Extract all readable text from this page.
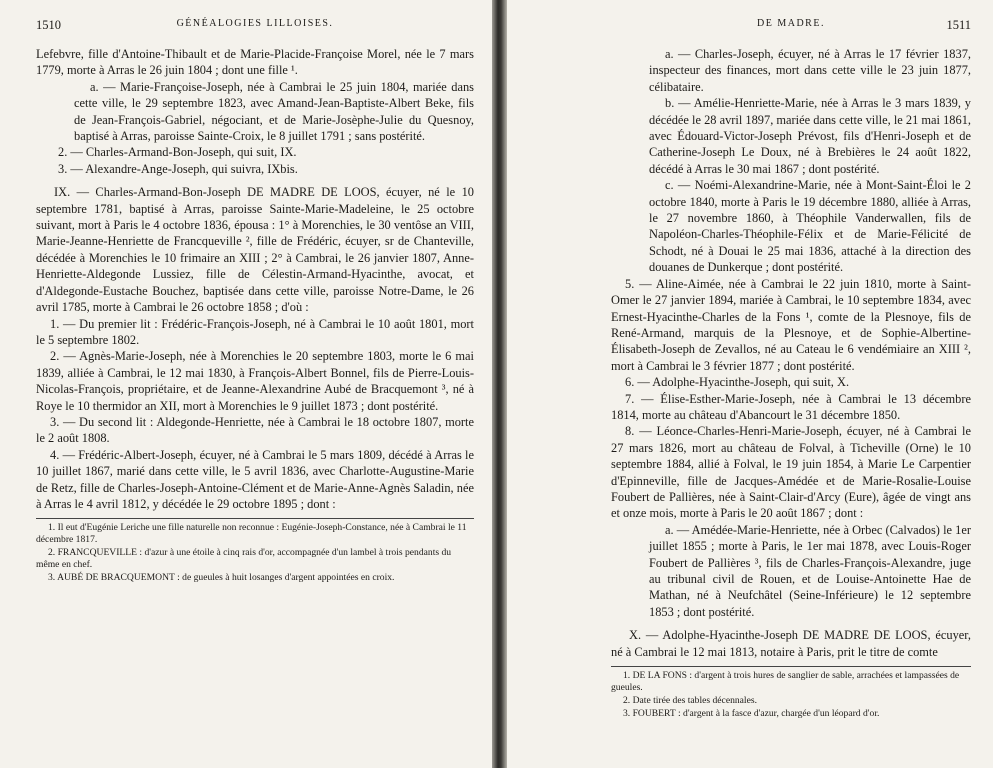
1510	GÉNÉALOGIES LILLOISES.

Lefebvre, fille d'Antoine-Thibault et de Marie-Placide-Françoise Morel, née le 7 mars 1779, morte à Arras le 26 juin 1804 ; dont une fille ¹.

a. — Marie-Françoise-Joseph, née à Cambrai le 25 juin 1804, mariée dans cette ville, le 29 septembre 1823, avec Amand-Jean-Baptiste-Albert Beke, fils de Jean-François-Gabriel, négociant, et de Marie-Josèphe-Julie du Quesnoy, baptisé à Arras, paroisse Sainte-Croix, le 8 juillet 1791 ; sans postérité.

2. — Charles-Armand-Bon-Joseph, qui suit, IX.

3. — Alexandre-Ange-Joseph, qui suivra, IXbis.

IX. — Charles-Armand-Bon-Joseph DE MADRE DE LOOS, écuyer, né le 10 septembre 1781, baptisé à Arras, paroisse Sainte-Marie-Madeleine, le 25 octobre suivant, mort à Paris le 4 octobre 1836, épousa : 1° à Morenchies, le 30 ventôse an VIII, Marie-Jeanne-Henriette de Francqueville ², fille de Frédéric, écuyer, sr de Chanteville, décédée à Morenchies le 10 frimaire an XIII ; 2° à Cambrai, le 26 janvier 1807, Anne-Henriette-Aldegonde Lussiez, fille de Célestin-Armand-Hyacinthe, avocat, et d'Aldegonde-Eustache Bouchez, baptisée dans cette ville, paroisse Notre-Dame, le 26 avril 1785, morte à Cambrai le 26 octobre 1858 ; d'où :

1. — Du premier lit : Frédéric-François-Joseph, né à Cambrai le 10 août 1801, mort le 5 septembre 1802.

2. — Agnès-Marie-Joseph, née à Morenchies le 20 septembre 1803, morte le 6 mai 1839, alliée à Cambrai, le 12 mai 1830, à François-Albert Bonnel, fils de Pierre-Louis-Nicolas-François, propriétaire, et de Jeanne-Alexandrine Aubé de Bracquemont ³, né à Roye le 10 thermidor an XII, mort à Morenchies le 9 juillet 1873 ; dont postérité.

3. — Du second lit : Aldegonde-Henriette, née à Cambrai le 18 octobre 1807, morte le 2 août 1808.

4. — Frédéric-Albert-Joseph, écuyer, né à Cambrai le 5 mars 1809, décédé à Arras le 10 juillet 1867, marié dans cette ville, le 5 avril 1836, avec Charlotte-Augustine-Marie de Retz, fille de Charles-Joseph-Antoine-Clément et de Marie-Anne-Agnès Saladin, née à Arras le 4 avril 1812, y décédée le 29 octobre 1895 ; dont :

1. Il eut d'Eugénie Leriche une fille naturelle non reconnue : Eugénie-Joseph-Constance, née à Cambrai le 11 décembre 1817.

2. FRANCQUEVILLE : d'azur à une étoile à cinq rais d'or, accompagnée d'un lambel à trois pendants du même en chef.

3. AUBÉ DE BRACQUEMONT : de gueules à huit losanges d'argent appointées en croix.

DE MADRE.	1511

a. — Charles-Joseph, écuyer, né à Arras le 17 février 1837, inspecteur des finances, mort dans cette ville le 23 juin 1877, célibataire.

b. — Amélie-Henriette-Marie, née à Arras le 3 mars 1839, y décédée le 28 avril 1897, mariée dans cette ville, le 21 mai 1861, avec Édouard-Victor-Joseph Prévost, fils d'Henri-Joseph et de Catherine-Joseph Le Doux, né à Brebières le 24 août 1822, décédé à Arras le 30 mai 1867 ; dont postérité.

c. — Noémi-Alexandrine-Marie, née à Mont-Saint-Éloi le 2 octobre 1840, morte à Paris le 19 décembre 1880, alliée à Arras, le 27 novembre 1860, à Théophile Vanderwallen, fils de Napoléon-Charles-Théophile-Félix et de Marie-Félicité de Schodt, né à Douai le 25 mai 1836, attaché à la direction des douanes de Dunkerque ; dont postérité.

5. — Aline-Aimée, née à Cambrai le 22 juin 1810, morte à Saint-Omer le 27 janvier 1894, mariée à Cambrai, le 10 septembre 1834, avec Ernest-Hyacinthe-Charles de la Fons ¹, comte de la Plesnoye, fils de René-Armand, marquis de la Plesnoye, et de Sophie-Albertine-Élisabeth-Joseph de Zevallos, né au Cateau le 6 vendémiaire an XIII ², mort à Cambrai le 3 février 1877 ; dont postérité.

6. — Adolphe-Hyacinthe-Joseph, qui suit, X.

7. — Élise-Esther-Marie-Joseph, née à Cambrai le 13 décembre 1814, morte au château d'Abancourt le 31 décembre 1850.

8. — Léonce-Charles-Henri-Marie-Joseph, écuyer, né à Cambrai le 27 mars 1826, mort au château de Folval, à Ticheville (Orne) le 10 septembre 1884, allié à Folval, le 19 juin 1854, à Marie Le Carpentier d'Epinneville, fille de Jacques-Amédée et de Marie-Rosalie-Louise Foubert de Pallières, née à Saint-Clair-d'Arcy (Eure), âgée de vingt ans et onze mois, morte à Paris le 20 août 1867 ; dont :

a. — Amédée-Marie-Henriette, née à Orbec (Calvados) le 1er juillet 1855 ; morte à Paris, le 1er mai 1878, avec Louis-Roger Foubert de Pallières ³, fils de Charles-François-Alexandre, juge au tribunal civil de Rouen, et de Louise-Antoinette Hae de Mathan, né à Neufchâtel (Seine-Inférieure) le 12 septembre 1853 ; dont postérité.

X. — Adolphe-Hyacinthe-Joseph DE MADRE DE LOOS, écuyer, né à Cambrai le 12 mai 1813, notaire à Paris, prit le titre de comte

1. DE LA FONS : d'argent à trois hures de sanglier de sable, arrachées et lampassées de gueules.

2. Date tirée des tables décennales.

3. FOUBERT : d'argent à la fasce d'azur, chargée d'un léopard d'or.
